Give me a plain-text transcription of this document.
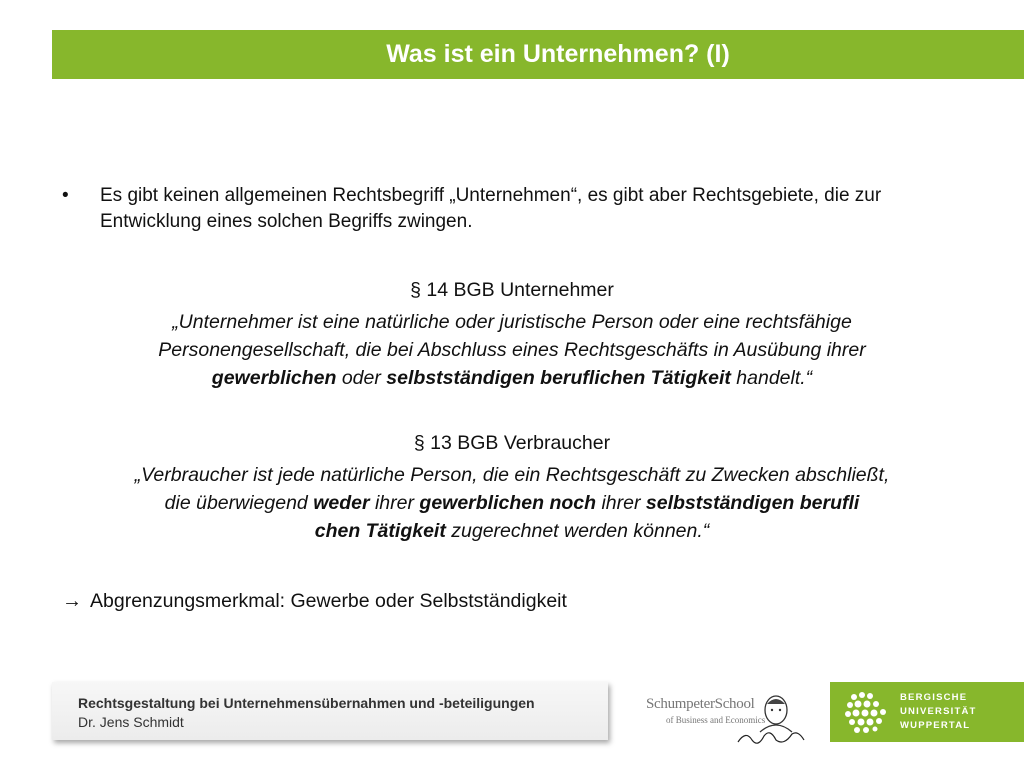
Was ist ein Unternehmen? (I)
•	Es gibt keinen allgemeinen Rechtsbegriff „Unternehmen“, es gibt aber Rechtsgebiete, die zur Entwicklung eines solchen Begriffs zwingen.

§ 14 BGB Unternehmer

„Unternehmer ist eine natürliche oder juristische Person oder eine rechtsfähige

Personengesellschaft, die bei Abschluss eines Rechtsgeschäfts in Ausübung ihrer

gewerblichen oder selbstständigen beruflichen Tätigkeit handelt.“

§ 13 BGB Verbraucher

„Verbraucher ist jede natürliche Person, die ein Rechtsgeschäft zu Zwecken abschließt,

die überwiegend weder ihrer gewerblichen noch ihrer selbstständigen berufli

chen Tätigkeit zugerechnet werden können.“

→ Abgrenzungsmerkmal: Gewerbe oder Selbstständigkeit
Rechtsgestaltung bei Unternehmensübernahmen und -beteiligungen
Dr. Jens Schmidt
SchumpeterSchool
of Business and Economics
BERGISCHE
UNIVERSITÄT
WUPPERTAL
